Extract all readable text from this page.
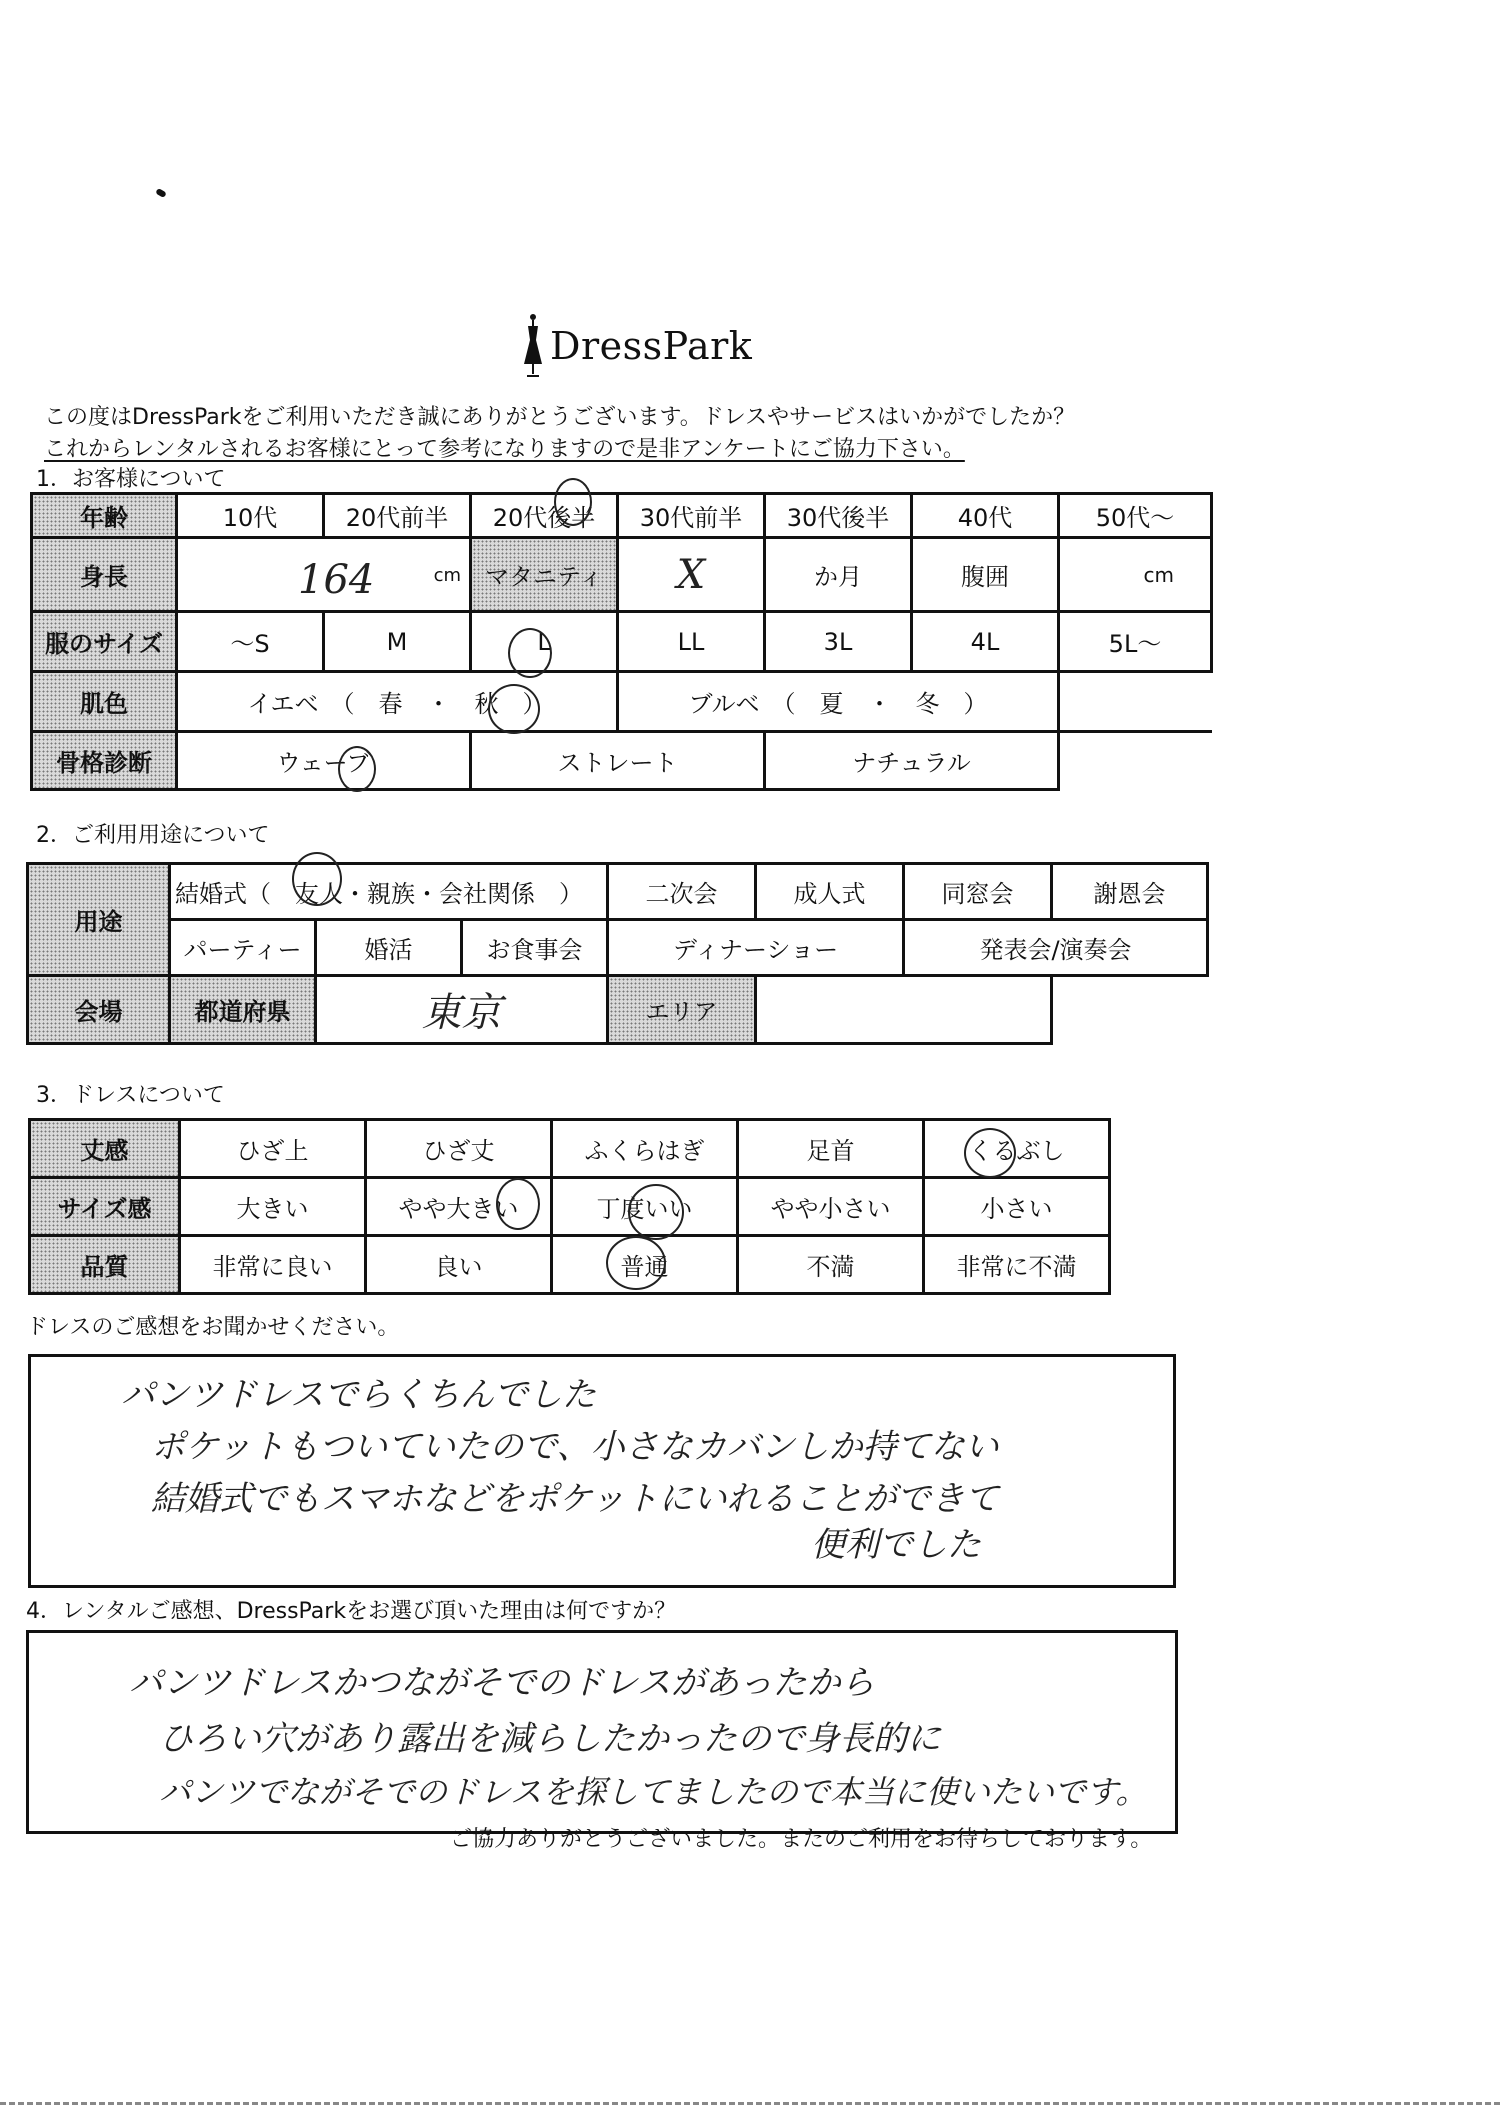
DressPark
この度はDressParkをご利用いただき誠にありがとうございます。ドレスやサービスはいかがでしたか？
これからレンタルされるお客様にとって参考になりますので是非アンケートにご協力下さい。
1．お客様について
年齢	10代	20代前半	20代後半	30代前半	30代後半	40代	50代～
身長	164 cm		マタニティ	X	か月	腹囲	cm
服のサイズ	～S	M	L	LL	3L	4L	5L～
肌色	イエベ　（　春　・　秋　）			ブルベ　（　夏　・　冬　）			
骨格診断	ウェーブ		ストレート		ナチュラル		
2．ご利用用途について
用途	結婚式（　友人・親族・会社関係　）			二次会	成人式	同窓会	謝恩会
	パーティー	婚活	お食事会	ディナーショー		発表会/演奏会	
会場	都道府県	東京		エリア			
3．ドレスについて
丈感	ひざ上	ひざ丈	ふくらはぎ	足首	くるぶし
サイズ感	大きい	やや大きい	丁度いい	やや小さい	小さい
品質	非常に良い	良い	普通	不満	非常に不満
ドレスのご感想をお聞かせください。
パンツドレスでらくちんでした
ポケットもついていたので、小さなカバンしか持てない
結婚式でもスマホなどをポケットにいれることができて
便利でした
4．レンタルご感想、DressParkをお選び頂いた理由は何ですか？
パンツドレスかつながそでのドレスがあったから
ひろい穴があり露出を減らしたかったので身長的に
パンツでながそでのドレスを探してましたので本当に使いたいです。
ご協力ありがとうございました。またのご利用をお待ちしております。
